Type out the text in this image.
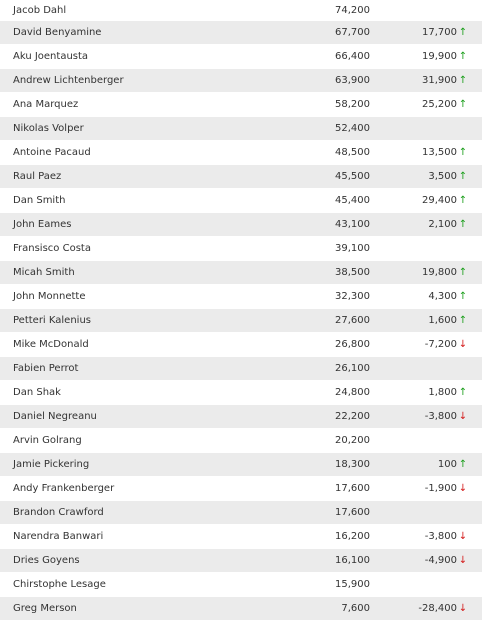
Jacob Dahl	74,200
David Benyamine	67,700	17,700 ↑
Aku Joentausta	66,400	19,900 ↑
Andrew Lichtenberger	63,900	31,900 ↑
Ana Marquez	58,200	25,200 ↑
Nikolas Volper	52,400
Antoine Pacaud	48,500	13,500 ↑
Raul Paez	45,500	3,500 ↑
Dan Smith	45,400	29,400 ↑
John Eames	43,100	2,100 ↑
Fransisco Costa	39,100
Micah Smith	38,500	19,800 ↑
John Monnette	32,300	4,300 ↑
Petteri Kalenius	27,600	1,600 ↑
Mike McDonald	26,800	-7,200 ↓
Fabien Perrot	26,100
Dan Shak	24,800	1,800 ↑
Daniel Negreanu	22,200	-3,800 ↓
Arvin Golrang	20,200
Jamie Pickering	18,300	100 ↑
Andy Frankenberger	17,600	-1,900 ↓
Brandon Crawford	17,600
Narendra Banwari	16,200	-3,800 ↓
Dries Goyens	16,100	-4,900 ↓
Chirstophe Lesage	15,900
Greg Merson	7,600	-28,400 ↓
